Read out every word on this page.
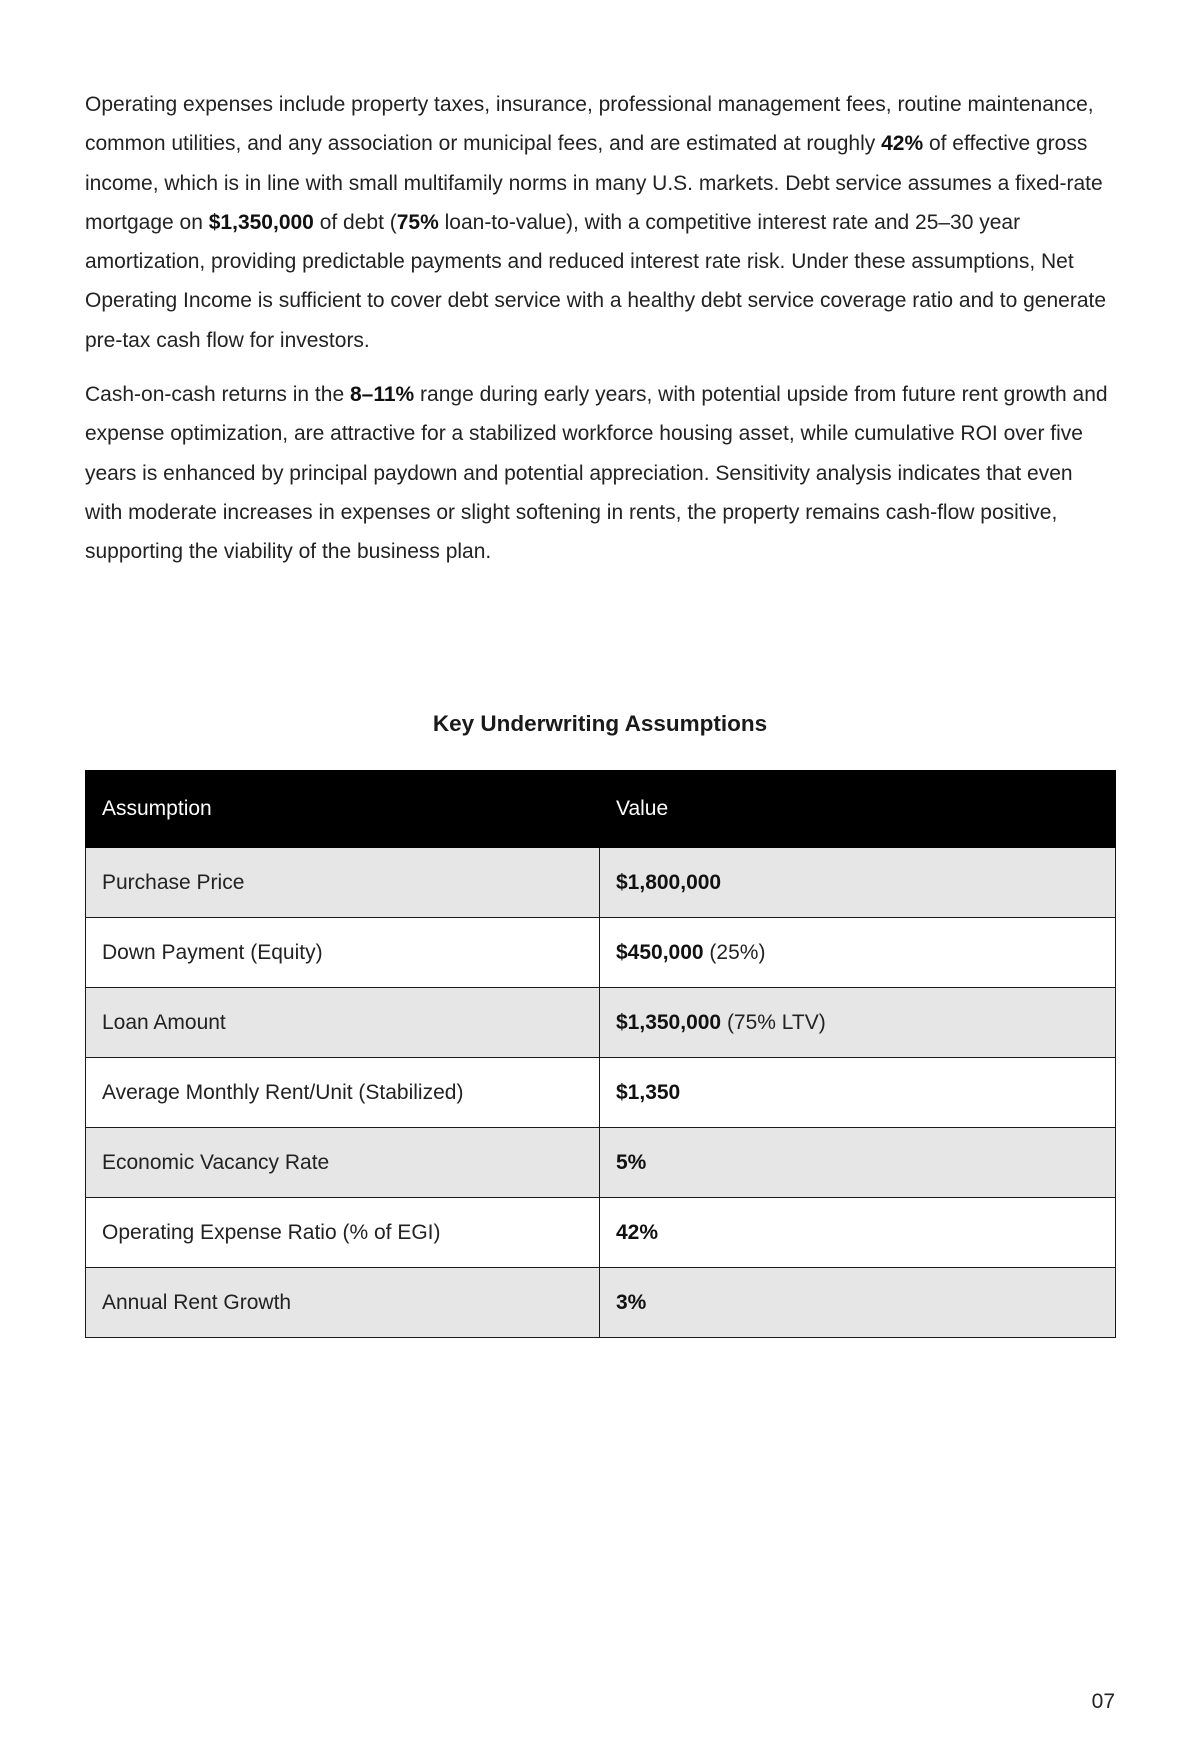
Operating expenses include property taxes, insurance, professional management fees, routine maintenance, common utilities, and any association or municipal fees, and are estimated at roughly 42% of effective gross income, which is in line with small multifamily norms in many U.S. markets. Debt service assumes a fixed-rate mortgage on $1,350,000 of debt (75% loan-to-value), with a competitive interest rate and 25–30 year amortization, providing predictable payments and reduced interest rate risk. Under these assumptions, Net Operating Income is sufficient to cover debt service with a healthy debt service coverage ratio and to generate pre-tax cash flow for investors.

Cash-on-cash returns in the 8–11% range during early years, with potential upside from future rent growth and expense optimization, are attractive for a stabilized workforce housing asset, while cumulative ROI over five years is enhanced by principal paydown and potential appreciation. Sensitivity analysis indicates that even with moderate increases in expenses or slight softening in rents, the property remains cash-flow positive, supporting the viability of the business plan.

Key Underwriting Assumptions
Assumption	Value
Purchase Price	$1,800,000
Down Payment (Equity)	$450,000 (25%)
Loan Amount	$1,350,000 (75% LTV)
Average Monthly Rent/Unit (Stabilized)	$1,350
Economic Vacancy Rate	5%
Operating Expense Ratio (% of EGI)	42%
Annual Rent Growth	3%
07
